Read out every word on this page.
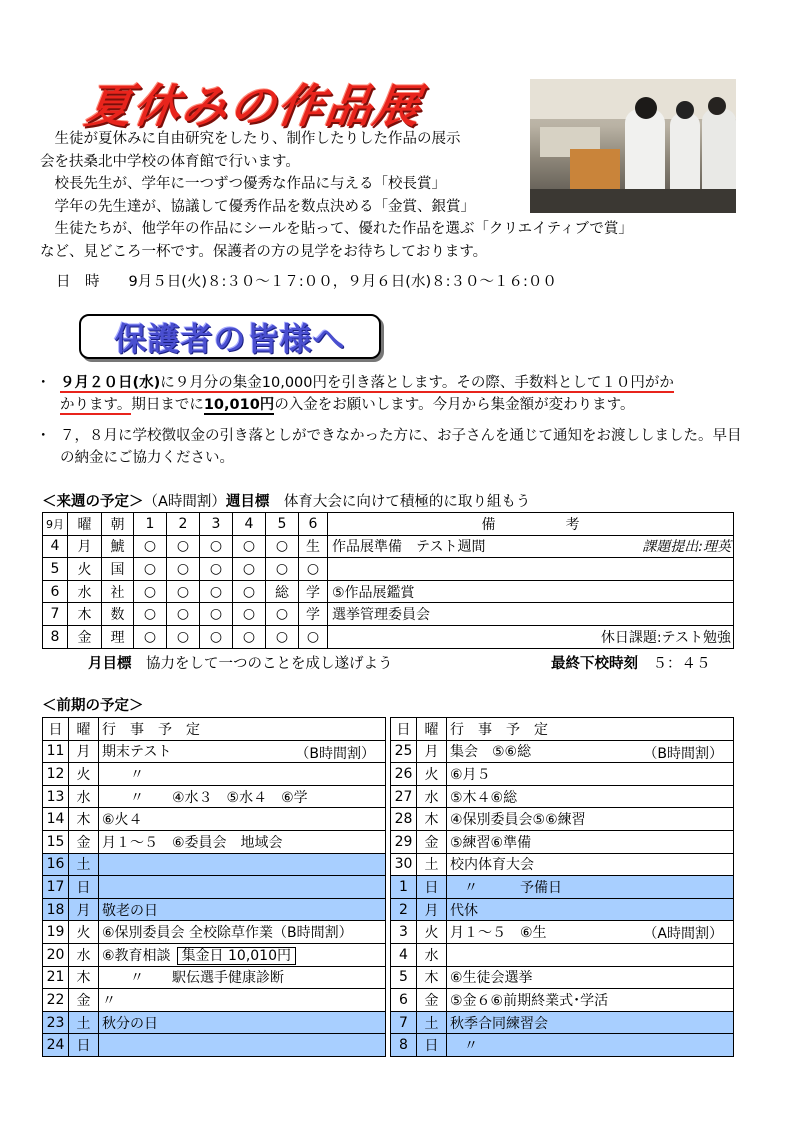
夏休みの作品展

　生徒が夏休みに自由研究をしたり、制作したりした作品の展示

会を扶桑北中学校の体育館で行います。

　校長先生が、学年に一つずつ優秀な作品に与える「校長賞」

　学年の先生達が、協議して優秀作品を数点決める「金賞、銀賞」

　生徒たちが、他学年の作品にシールを貼って、優れた作品を選ぶ「クリエイティブで賞」

など、見どころ一杯です。保護者の方の見学をお待ちしております。

日　時　　9月５日(火)８:３０～１７:００，９月６日(水)８:３０～１６:００
保護者の皆様へ
・ ９月２０日(水)に９月分の集金10,000円を引き落とします。その際、手数料として１０円がか
かります。期日までに10,010円の入金をお願いします。今月から集金額が変わります。
・ ７，８月に学校徴収金の引き落としができなかった方に、お子さんを通じて通知をお渡ししました。早目の納金にご協力ください。
＜来週の予定＞（A時間割）週目標　体育大会に向けて積極的に取り組もう
9月	曜	朝	1	2	3	4	5	6	備　　　　　考
4	月	鯱	○	○	○	○	○	生	作品展準備　テスト週間 課題提出:理英

5	火	国	○	○	○	○	○	○	

6	水	社	○	○	○	○	総	学	⑤作品展鑑賞

7	木	数	○	○	○	○	○	学	選挙管理委員会

8	金	理	○	○	○	○	○	○	休日課題:テスト勉強
月目標　協力をして一つのことを成し遂げよう	最終下校時刻　５：４５
＜前期の予定＞
日	曜	行　事　予　定
11	月	期末テスト （B時間割）

12	火	　　〃
13	水	　　〃　　④水３　⑤水４　⑥学
14	木	⑥火４
15	金	月１～５　⑥委員会　地域会
16	土	
17	日	
18	月	敬老の日
19	火	⑥保別委員会 全校除草作業（B時間割）
20	水	⑥教育相談 集金日 10,010円
21	木	　　〃　　駅伝選手健康診断
22	金	〃
23	土	秋分の日
24	日	
日	曜	行　事　予　定
25	月	集会　⑤⑥総 （B時間割）

26	火	⑥月５
27	水	⑤木４⑥総
28	木	④保別委員会⑤⑥練習
29	金	⑤練習⑥準備
30	土	校内体育大会
1	日	　〃　　　予備日
2	月	代休
3	火	月１～５　⑥生 （A時間割）

4	水	
5	木	⑥生徒会選挙
6	金	⑤金６⑥前期終業式･学活
7	土	秋季合同練習会
8	日	　〃
